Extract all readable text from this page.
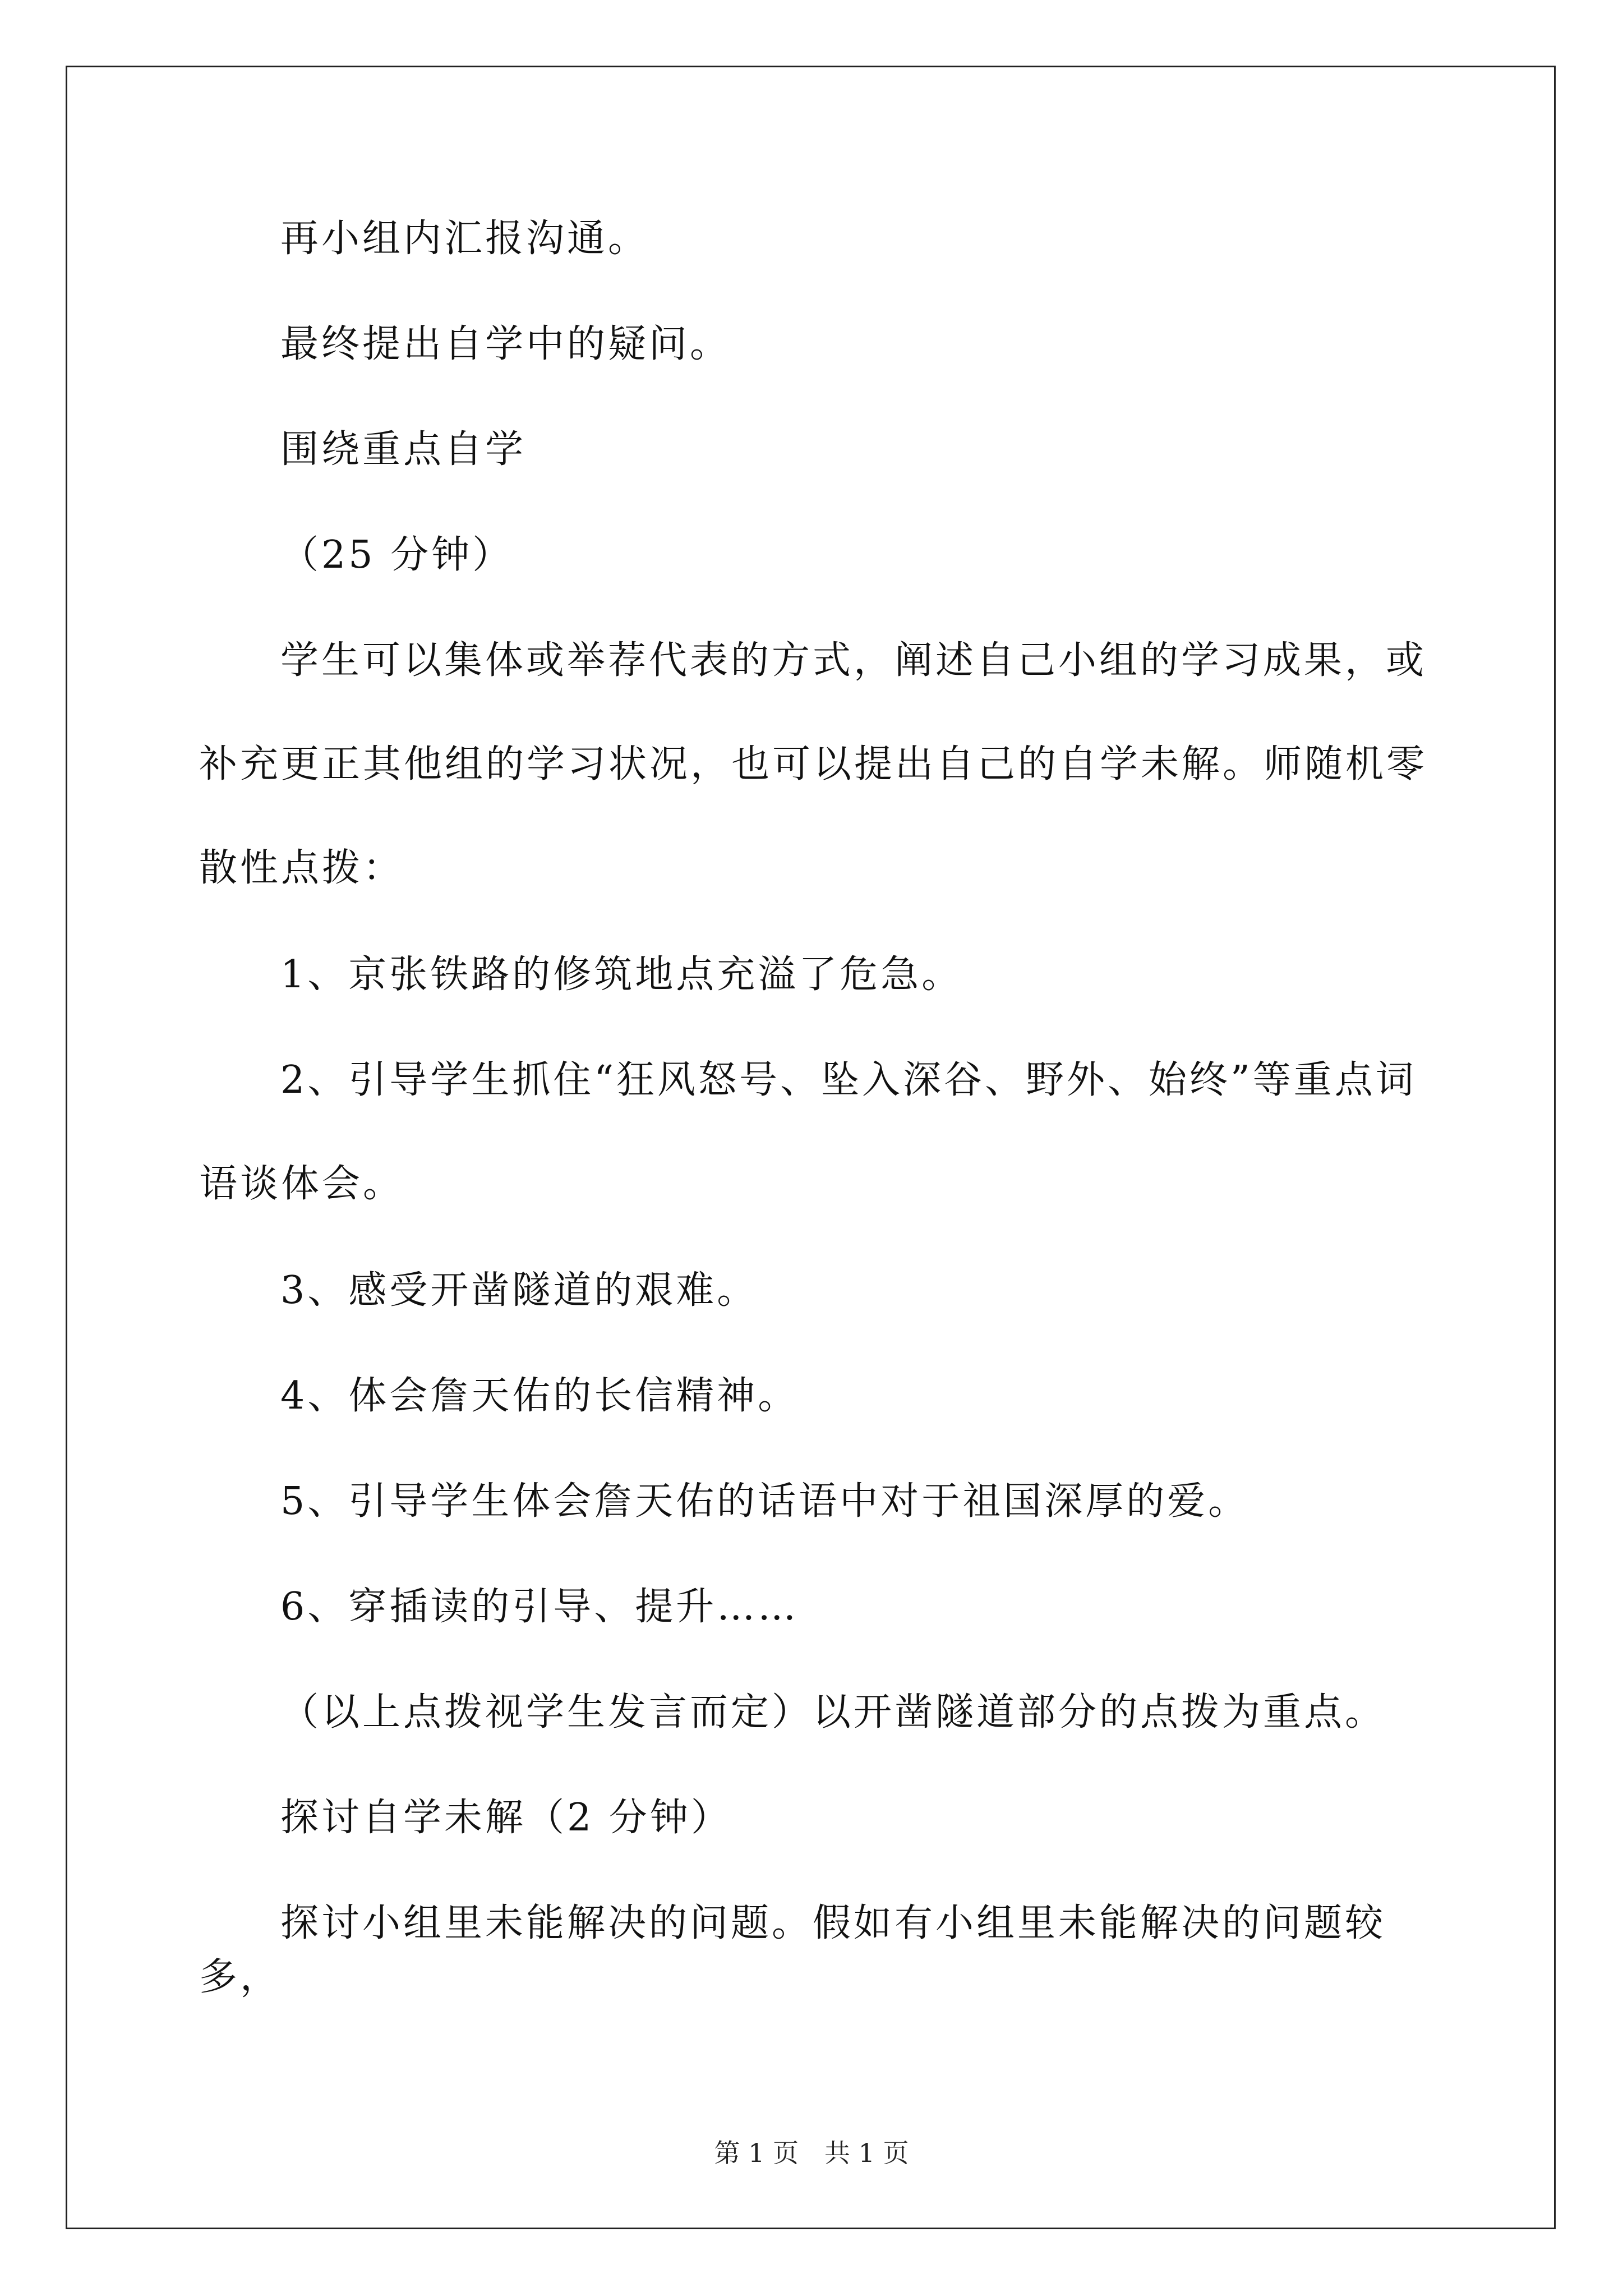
再小组内汇报沟通。

最终提出自学中的疑问。

围绕重点自学

（25 分钟）

学生可以集体或举荐代表的方式，阐述自己小组的学习成果，或补充更正其他组的学习状况，也可以提出自己的自学未解。师随机零散性点拨：

1、京张铁路的修筑地点充溢了危急。

2、引导学生抓住“狂风怒号、坠入深谷、野外、始终”等重点词语谈体会。

3、感受开凿隧道的艰难。

4、体会詹天佑的长信精神。

5、引导学生体会詹天佑的话语中对于祖国深厚的爱。

6、穿插读的引导、提升……

（以上点拨视学生发言而定）以开凿隧道部分的点拨为重点。

探讨自学未解（2 分钟）

探讨小组里未能解决的问题。假如有小组里未能解决的问题较多，

第 1 页　共 1 页
